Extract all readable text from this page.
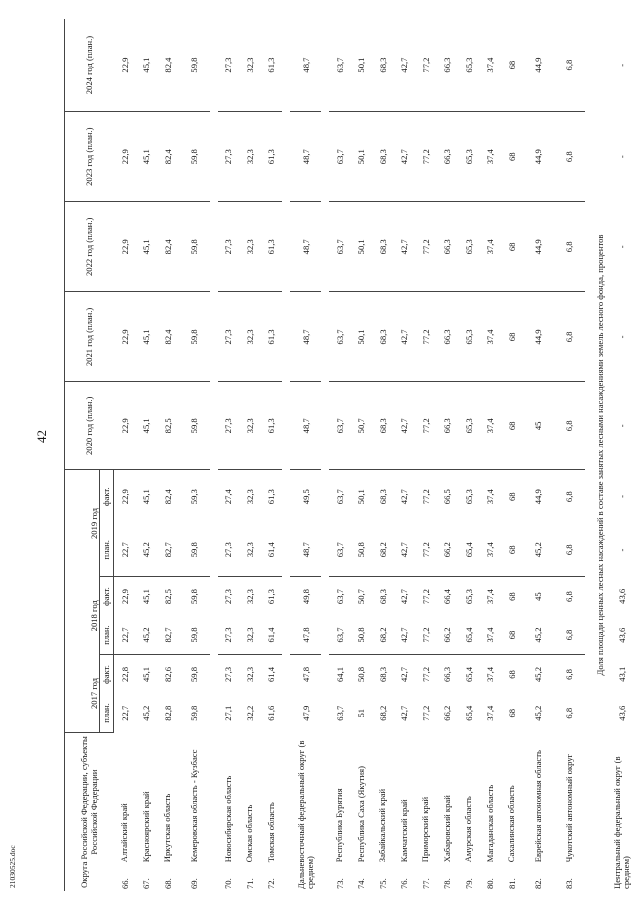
42
21030525.doc	Округа Российской Федерации, субъекты Российской Федерации		2017 год		2018 год		2019 год		2020 год (план.)	2021 год (план.)	2022 год (план.)	2023 год (план.)	2024 год (план.)
		план.	факт.	план.	факт.	план.	факт.					
66.	Алтайский край	22,7	22,8	22,7	22,9	22,7	22,9	22,9	22,9	22,9	22,9	22,9
67.	Красноярский край	45,2	45,1	45,2	45,1	45,2	45,1	45,1	45,1	45,1	45,1	45,1
68.	Иркутская область	82,8	82,6	82,7	82,5	82,7	82,4	82,5	82,4	82,4	82,4	82,4
69.	Кемеровская область - Кузбасс	59,8	59,8	59,8	59,8	59,8	59,3	59,8	59,8	59,8	59,8	59,8

70.	Новосибирская область	27,1	27,3	27,3	27,3	27,3	27,4	27,3	27,3	27,3	27,3	27,3
71.	Омская область	32,2	32,3	32,3	32,3	32,3	32,3	32,3	32,3	32,3	32,3	32,3
72.	Томская область	61,6	61,4	61,4	61,3	61,4	61,3	61,3	61,3	61,3	61,3	61,3

Дальневосточный федеральный округ (в среднем)		47,9	47,8	47,8	49,8	48,7	49,5	48,7	48,7	48,7	48,7	48,7

73.	Республика Бурятия	63,7	64,1	63,7	63,7	63,7	63,7	63,7	63,7	63,7	63,7	63,7
74.	Республика Саха (Якутия)	51	50,8	50,8	50,7	50,8	50,1	50,7	50,1	50,1	50,1	50,1
75.	Забайкальский край	68,2	68,3	68,2	68,3	68,2	68,3	68,3	68,3	68,3	68,3	68,3
76.	Камчатский край	42,7	42,7	42,7	42,7	42,7	42,7	42,7	42,7	42,7	42,7	42,7
77.	Приморский край	77,2	77,2	77,2	77,2	77,2	77,2	77,2	77,2	77,2	77,2	77,2
78.	Хабаровский край	66,2	66,3	66,2	66,4	66,2	66,5	66,3	66,3	66,3	66,3	66,3
79.	Амурская область	65,4	65,4	65,4	65,3	65,4	65,3	65,3	65,3	65,3	65,3	65,3
80.	Магаданская область	37,4	37,4	37,4	37,4	37,4	37,4	37,4	37,4	37,4	37,4	37,4
81.	Сахалинская область	68	68	68	68	68	68	68	68	68	68	68
82.	Еврейская автономная область	45,2	45,2	45,2	45	45,2	44,9	45	44,9	44,9	44,9	44,9
83.	Чукотский автономный округ	6,8	6,8	6,8	6,8	6,8	6,8	6,8	6,8	6,8	6,8	6,8

Доля площади ценных лесных насаждений в составе занятых лесными насаждениями земель лесного фонда, процентов												
Центральный федеральный округ (в среднем)		43,6	43,1	43,6	43,6	-	-	-	-	-	-	-
